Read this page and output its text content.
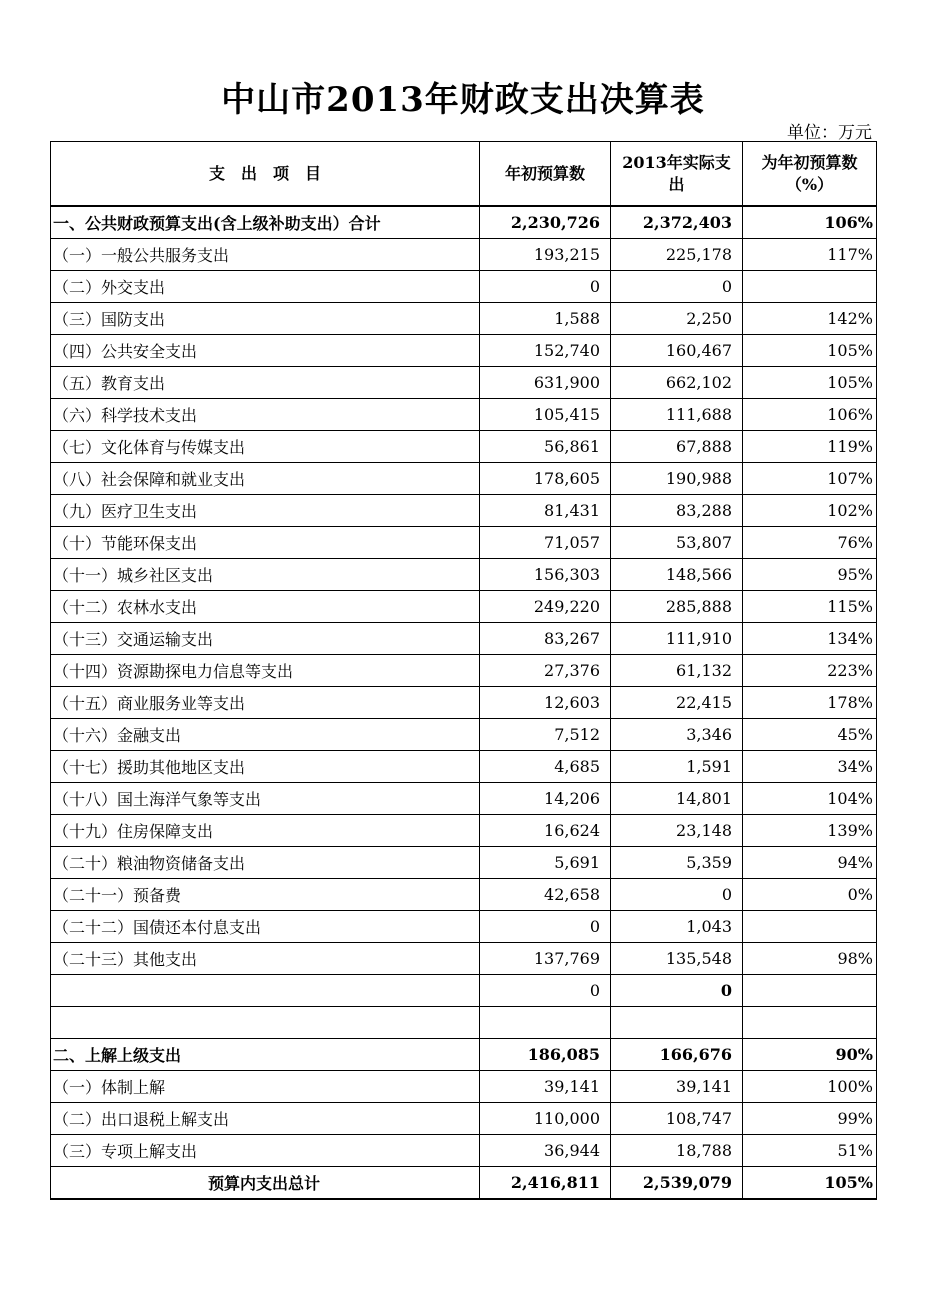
中山市2013年财政支出决算表
单位：万元
支　出　项　目	年初预算数	2013年实际支出	为年初预算数（%）
一、公共财政预算支出(含上级补助支出）合计	2,230,726	2,372,403	106%
（一）一般公共服务支出	193,215	225,178	117%
（二）外交支出	0	0	
（三）国防支出	1,588	2,250	142%
（四）公共安全支出	152,740	160,467	105%
（五）教育支出	631,900	662,102	105%
（六）科学技术支出	105,415	111,688	106%
（七）文化体育与传媒支出	56,861	67,888	119%
（八）社会保障和就业支出	178,605	190,988	107%
（九）医疗卫生支出	81,431	83,288	102%
（十）节能环保支出	71,057	53,807	76%
（十一）城乡社区支出	156,303	148,566	95%
（十二）农林水支出	249,220	285,888	115%
（十三）交通运输支出	83,267	111,910	134%
（十四）资源勘探电力信息等支出	27,376	61,132	223%
（十五）商业服务业等支出	12,603	22,415	178%
（十六）金融支出	7,512	3,346	45%
（十七）援助其他地区支出	4,685	1,591	34%
（十八）国土海洋气象等支出	14,206	14,801	104%
（十九）住房保障支出	16,624	23,148	139%
（二十）粮油物资储备支出	5,691	5,359	94%
（二十一）预备费	42,658	0	0%
（二十二）国债还本付息支出	0	1,043	
（二十三）其他支出	137,769	135,548	98%
	0	0	

二、上解上级支出	186,085	166,676	90%
（一）体制上解	39,141	39,141	100%
（二）出口退税上解支出	110,000	108,747	99%
（三）专项上解支出	36,944	18,788	51%
预算内支出总计	2,416,811	2,539,079	105%
